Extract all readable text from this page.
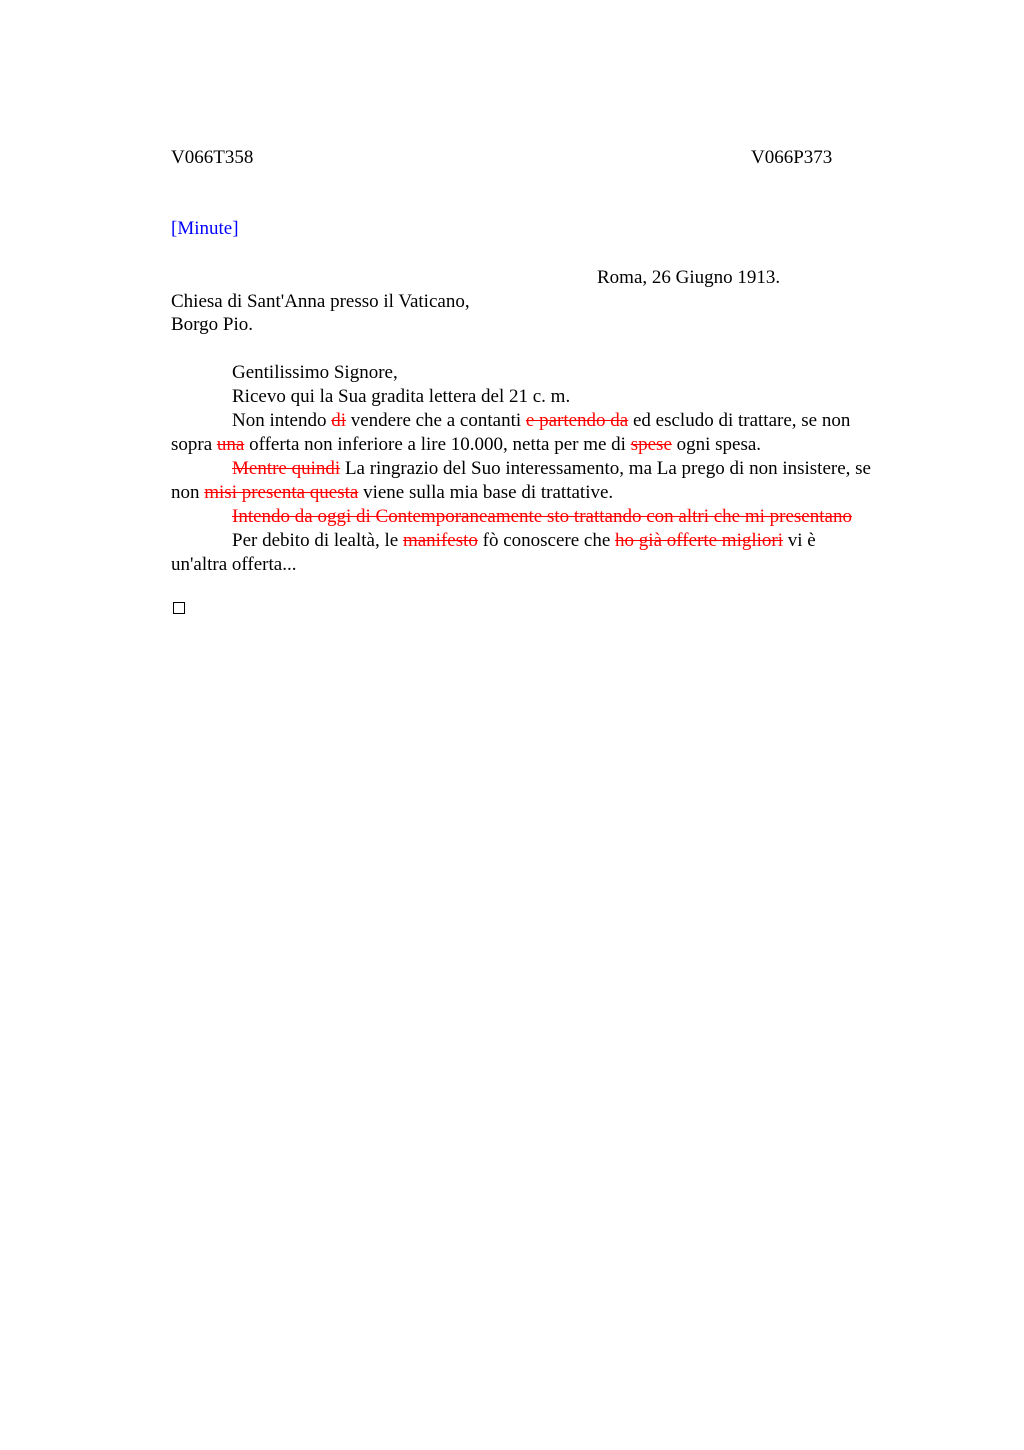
V066T358	V066P373
[Minute]
Roma, 26 Giugno 1913.
Chiesa di Sant'Anna presso il Vaticano,
Borgo Pio.
Gentilissimo Signore,
Ricevo qui la Sua gradita lettera del 21 c. m.
Non intendo di vendere che a contanti e partendo da ed escludo di trattare, se non
sopra una offerta non inferiore a lire 10.000, netta per me di spese ogni spesa.
Mentre quindi La ringrazio del Suo interessamento, ma La prego di non insistere, se
non misi presenta questa viene sulla mia base di trattative.
Intendo da oggi di Contemporaneamente sto trattando con altri che mi presentano
Per debito di lealtà, le manifesto fò conoscere che ho già offerte migliori vi è
un'altra offerta...
